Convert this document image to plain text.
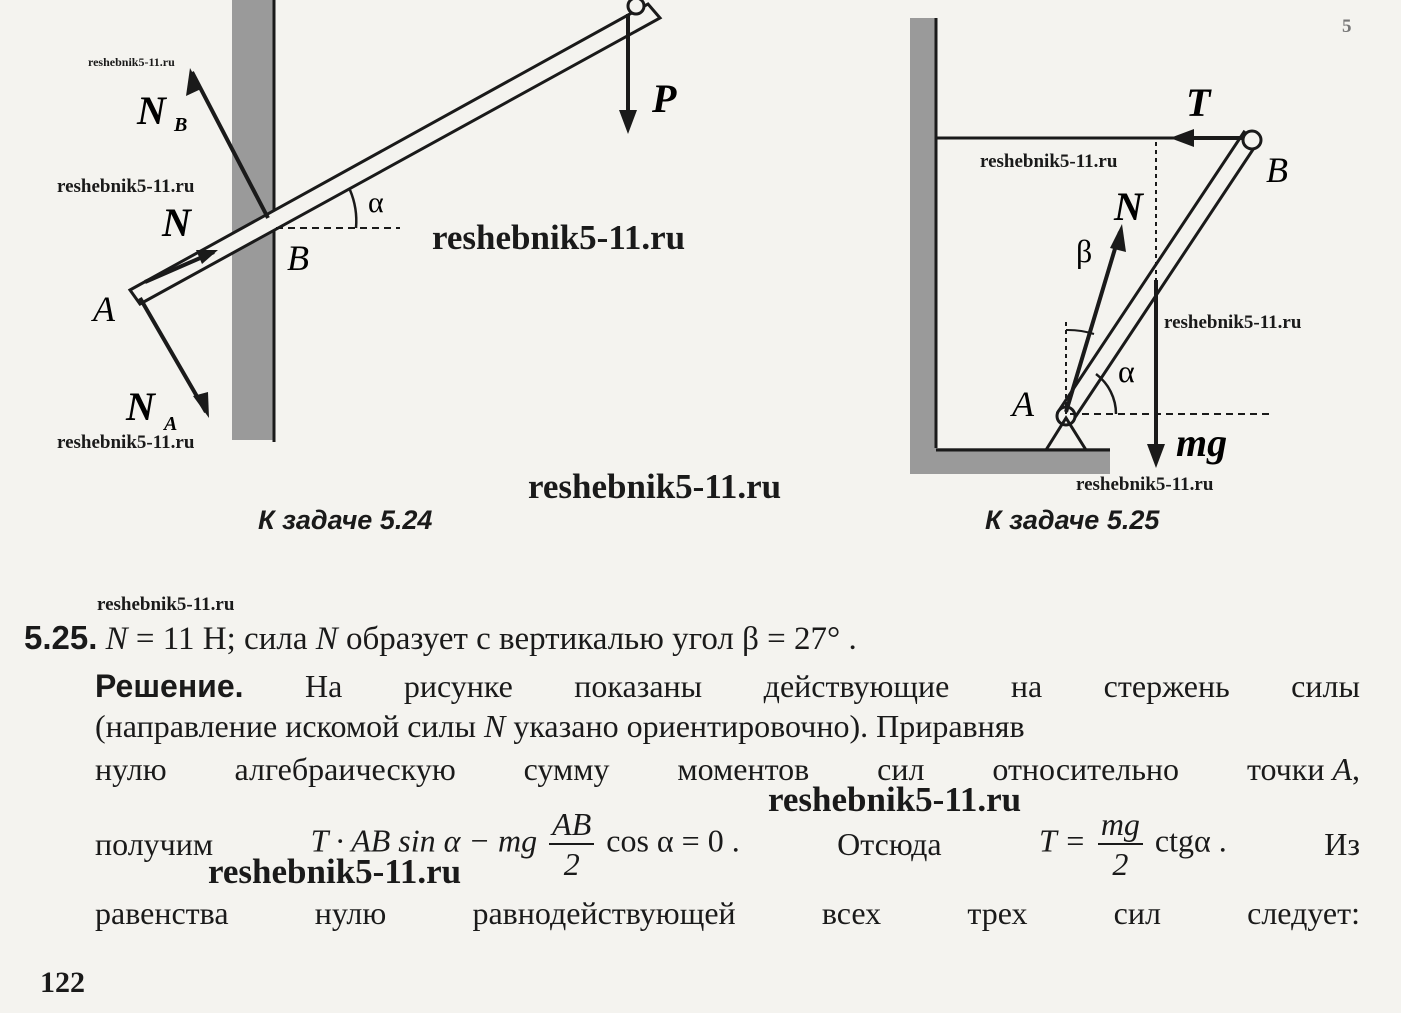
N B
N	α
B
A
N A
P	T
B
N
β
α
A
mg
К задаче 5.24	К задаче 5.25
5
5.25. N = 11 Н; сила N образует с вертикалью угол β = 27° .
Решение. На рисунке показаны действующие на стержень силы
(направление искомой силы N указано ориентировочно). Приравняв
нулю алгебраическую сумму моментов сил относительно точки A,
получим	T · AB sin α − mg $\frac{AB}{2}$ cos α = 0 .	Отсюда	$T = \frac{mg}{2}$ ctgα .	Из
равенства	нулю	равнодействующей	всех	трех	сил	следует:
122
reshebnik5-11.ru
reshebnik5-11.ru
reshebnik5-11.ru
reshebnik5-11.ru
reshebnik5-11.ru
reshebnik5-11.ru
reshebnik5-11.ru
reshebnik5-11.ru
reshebnik5-11.ru
reshebnik5-11.ru
reshebnik5-11.ru
